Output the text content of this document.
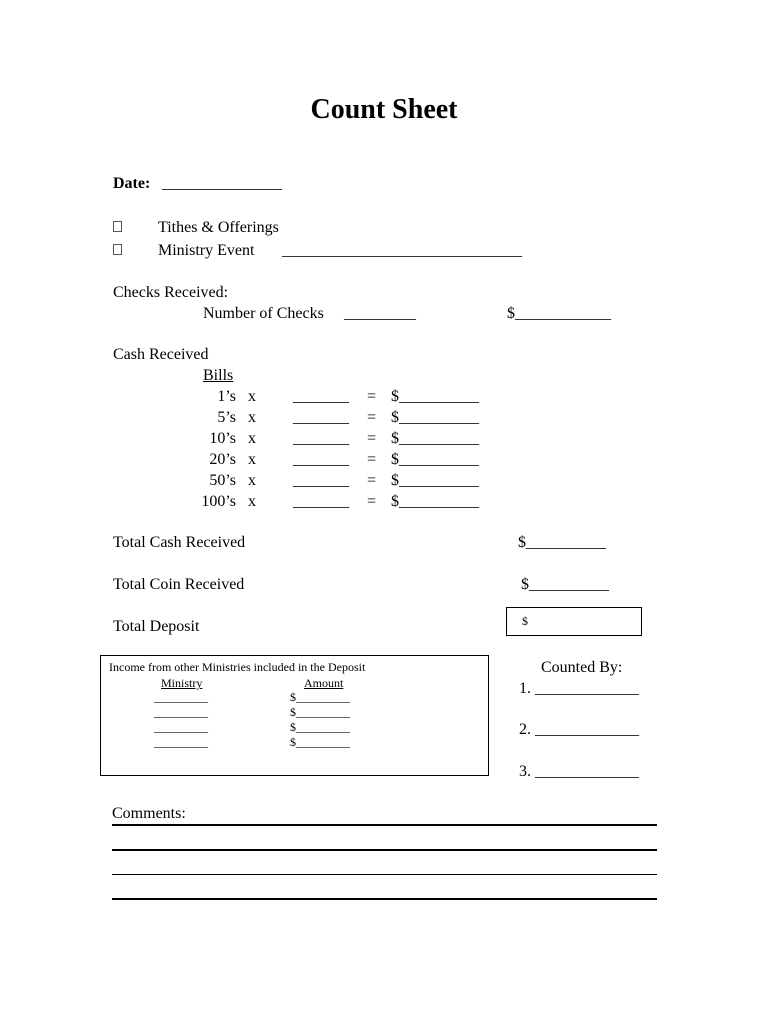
Count Sheet
Date: _______________
Tithes & Offerings
Ministry Event ______________________________
Checks Received:
Number of Checks _________	$____________
Cash Received
Bills
1’s x _______ = $__________
5’s x _______ = $__________
10’s x _______ = $__________
20’s x _______ = $__________
50’s x _______ = $__________
100’s x _______ = $__________
Total Cash Received	$__________
Total Coin Received	$__________
Total Deposit	$
Income from other Ministries included in the Deposit
Ministry	Amount
_________	$_________
_________	$_________
_________	$_________
_________	$_________
Counted By:
1. _____________
2. _____________
3. _____________
Comments:
